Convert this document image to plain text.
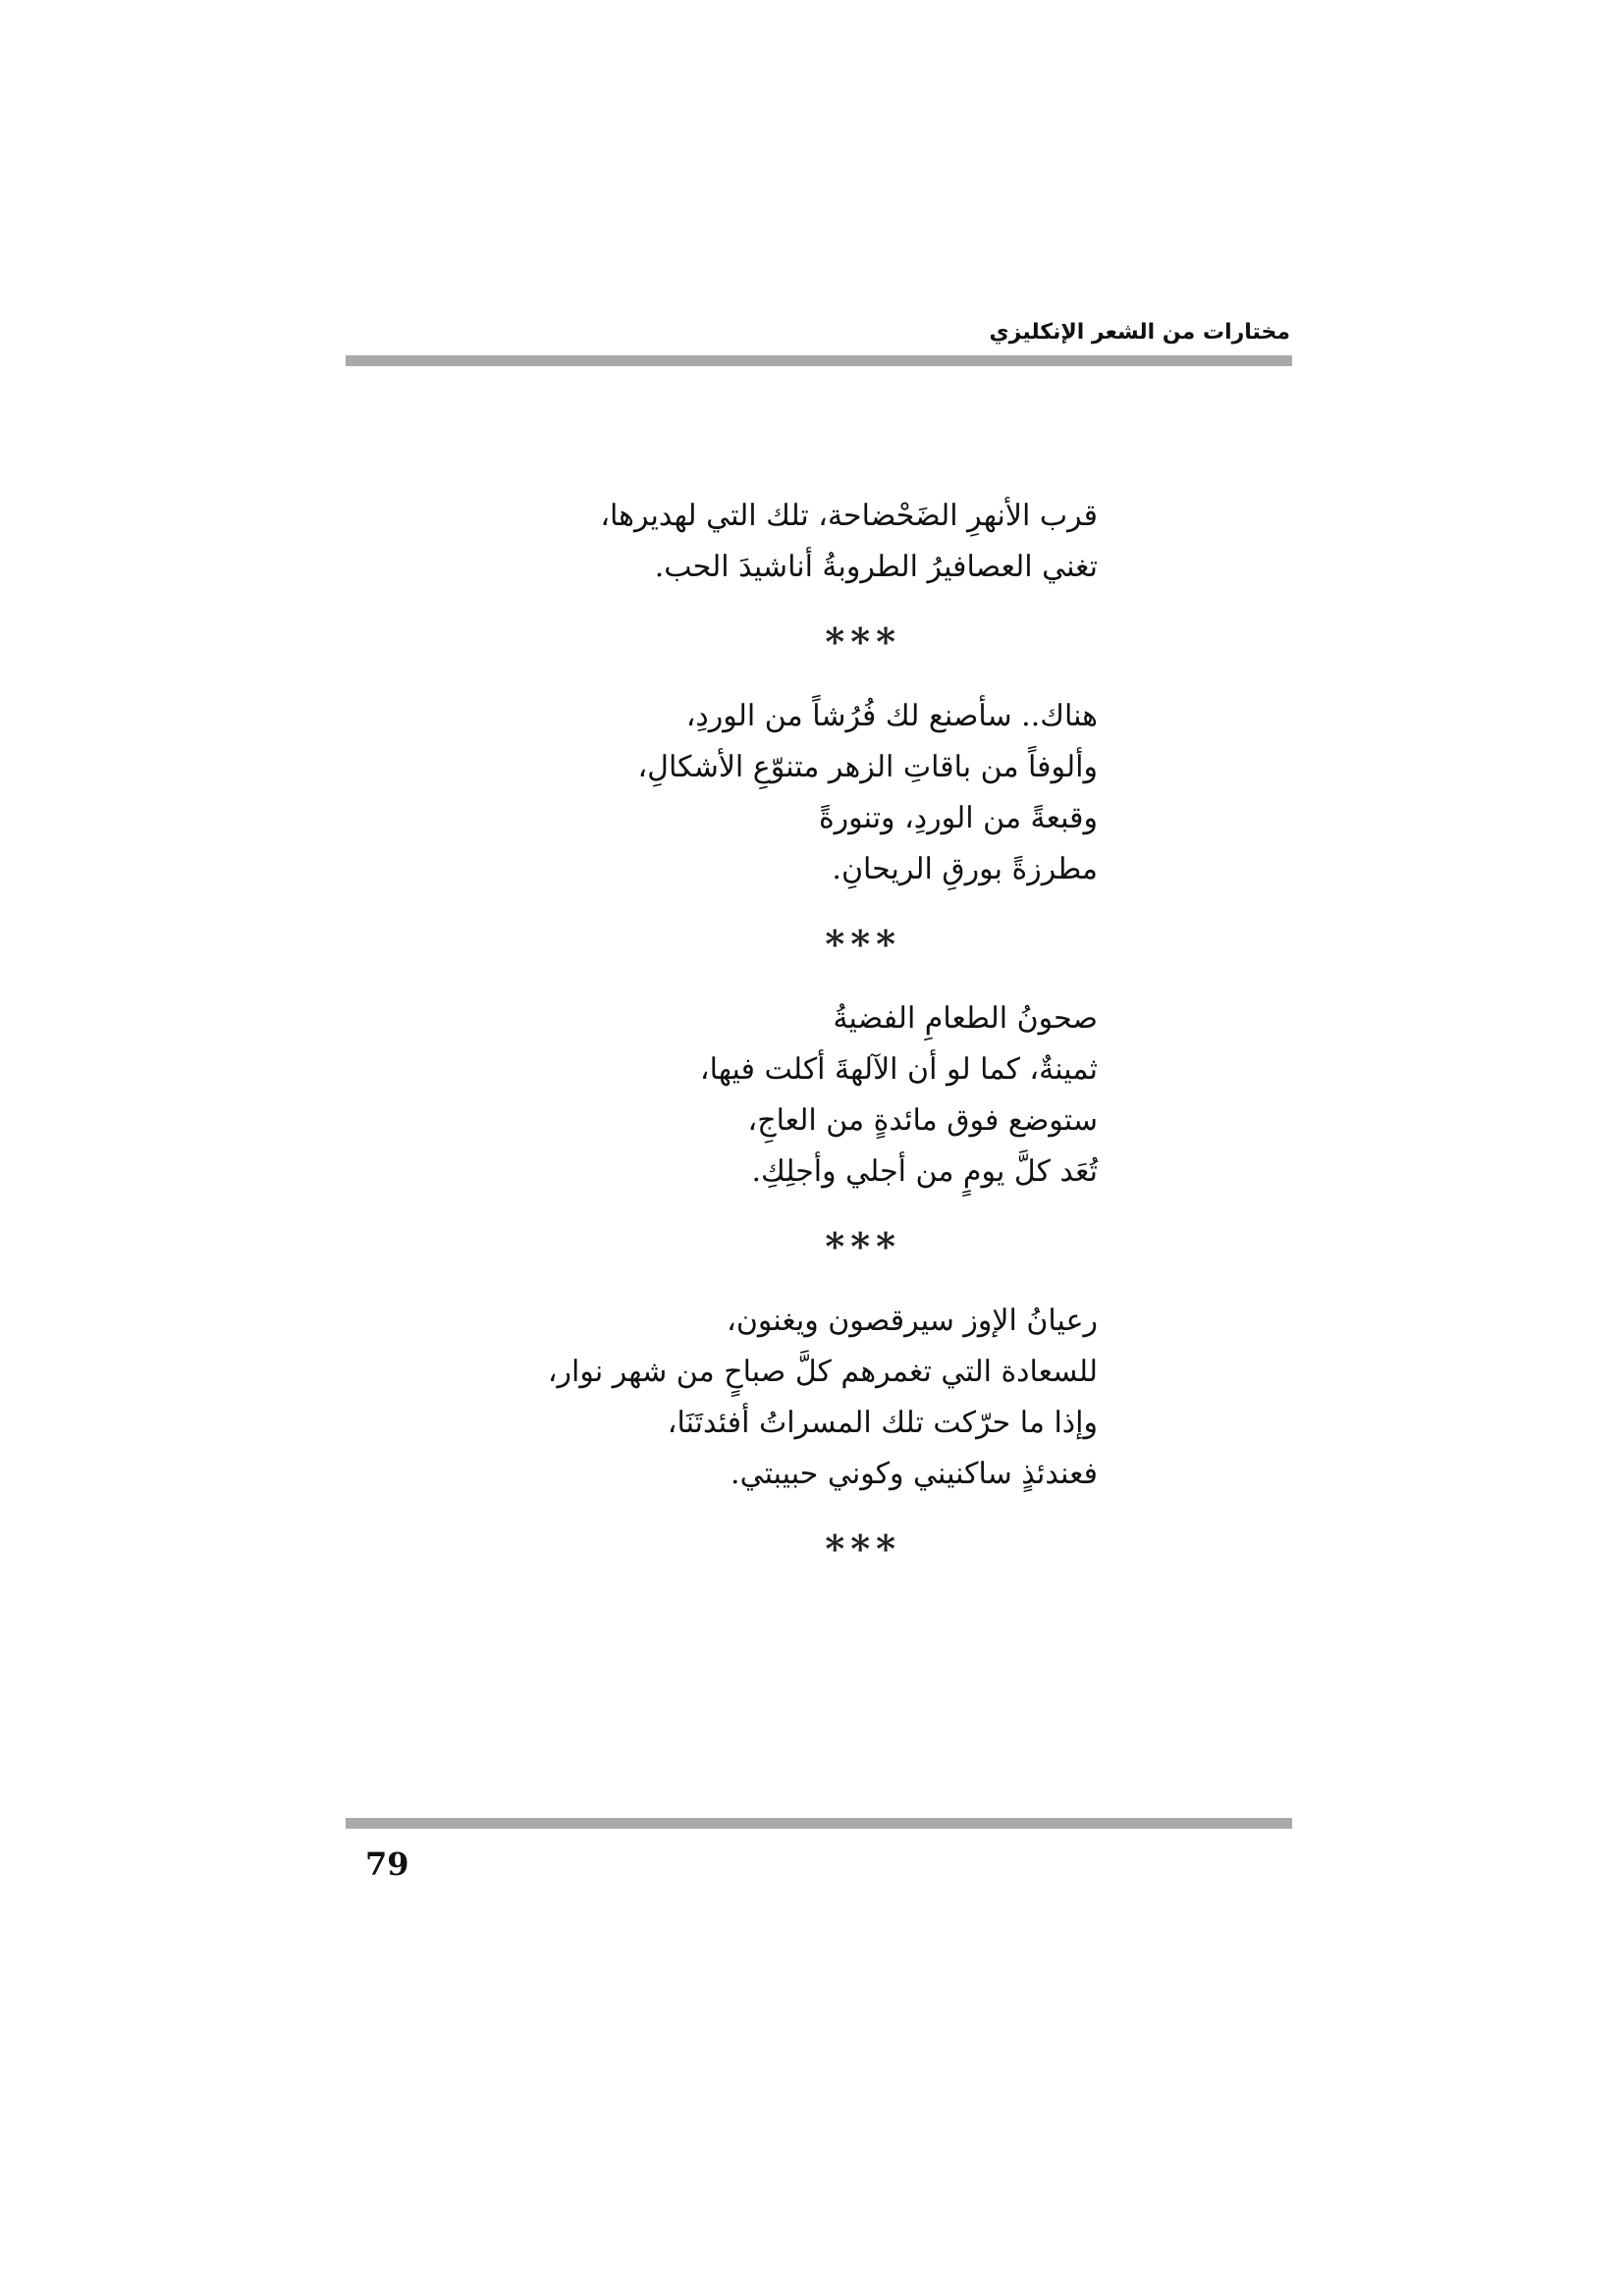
مختارات من الشعر الإنكليزي
قرب الأنهرِ الضَحْضاحة، تلك التي لهديرها،
تغني العصافيرُ الطروبةُ أناشيدَ الحب.
***
هناك.. سأصنع لك فُرُشاً من الوردِ،
وألوفاً من باقاتِ الزهر متنوّعِ الأشكالِ،
وقبعةً من الوردِ، وتنورةً
مطرزةً بورقِ الريحانِ.
***
صحونُ الطعامِ الفضيةُ
ثمينةٌ، كما لو أن الآلهةَ أكلت فيها،
ستوضع فوق مائدةٍ من العاجِ،
تُعَد كلَّ يومٍ من أجلي وأجلِكِ.
***
رعيانُ الإوز سيرقصون ويغنون،
للسعادة التي تغمرهم كلَّ صباحٍ من شهر نوار،
وإذا ما حرّكت تلك المسراتُ أفئدتَنَا،
فعندئذٍ ساكنيني وكوني حبيبتي.
***
79
